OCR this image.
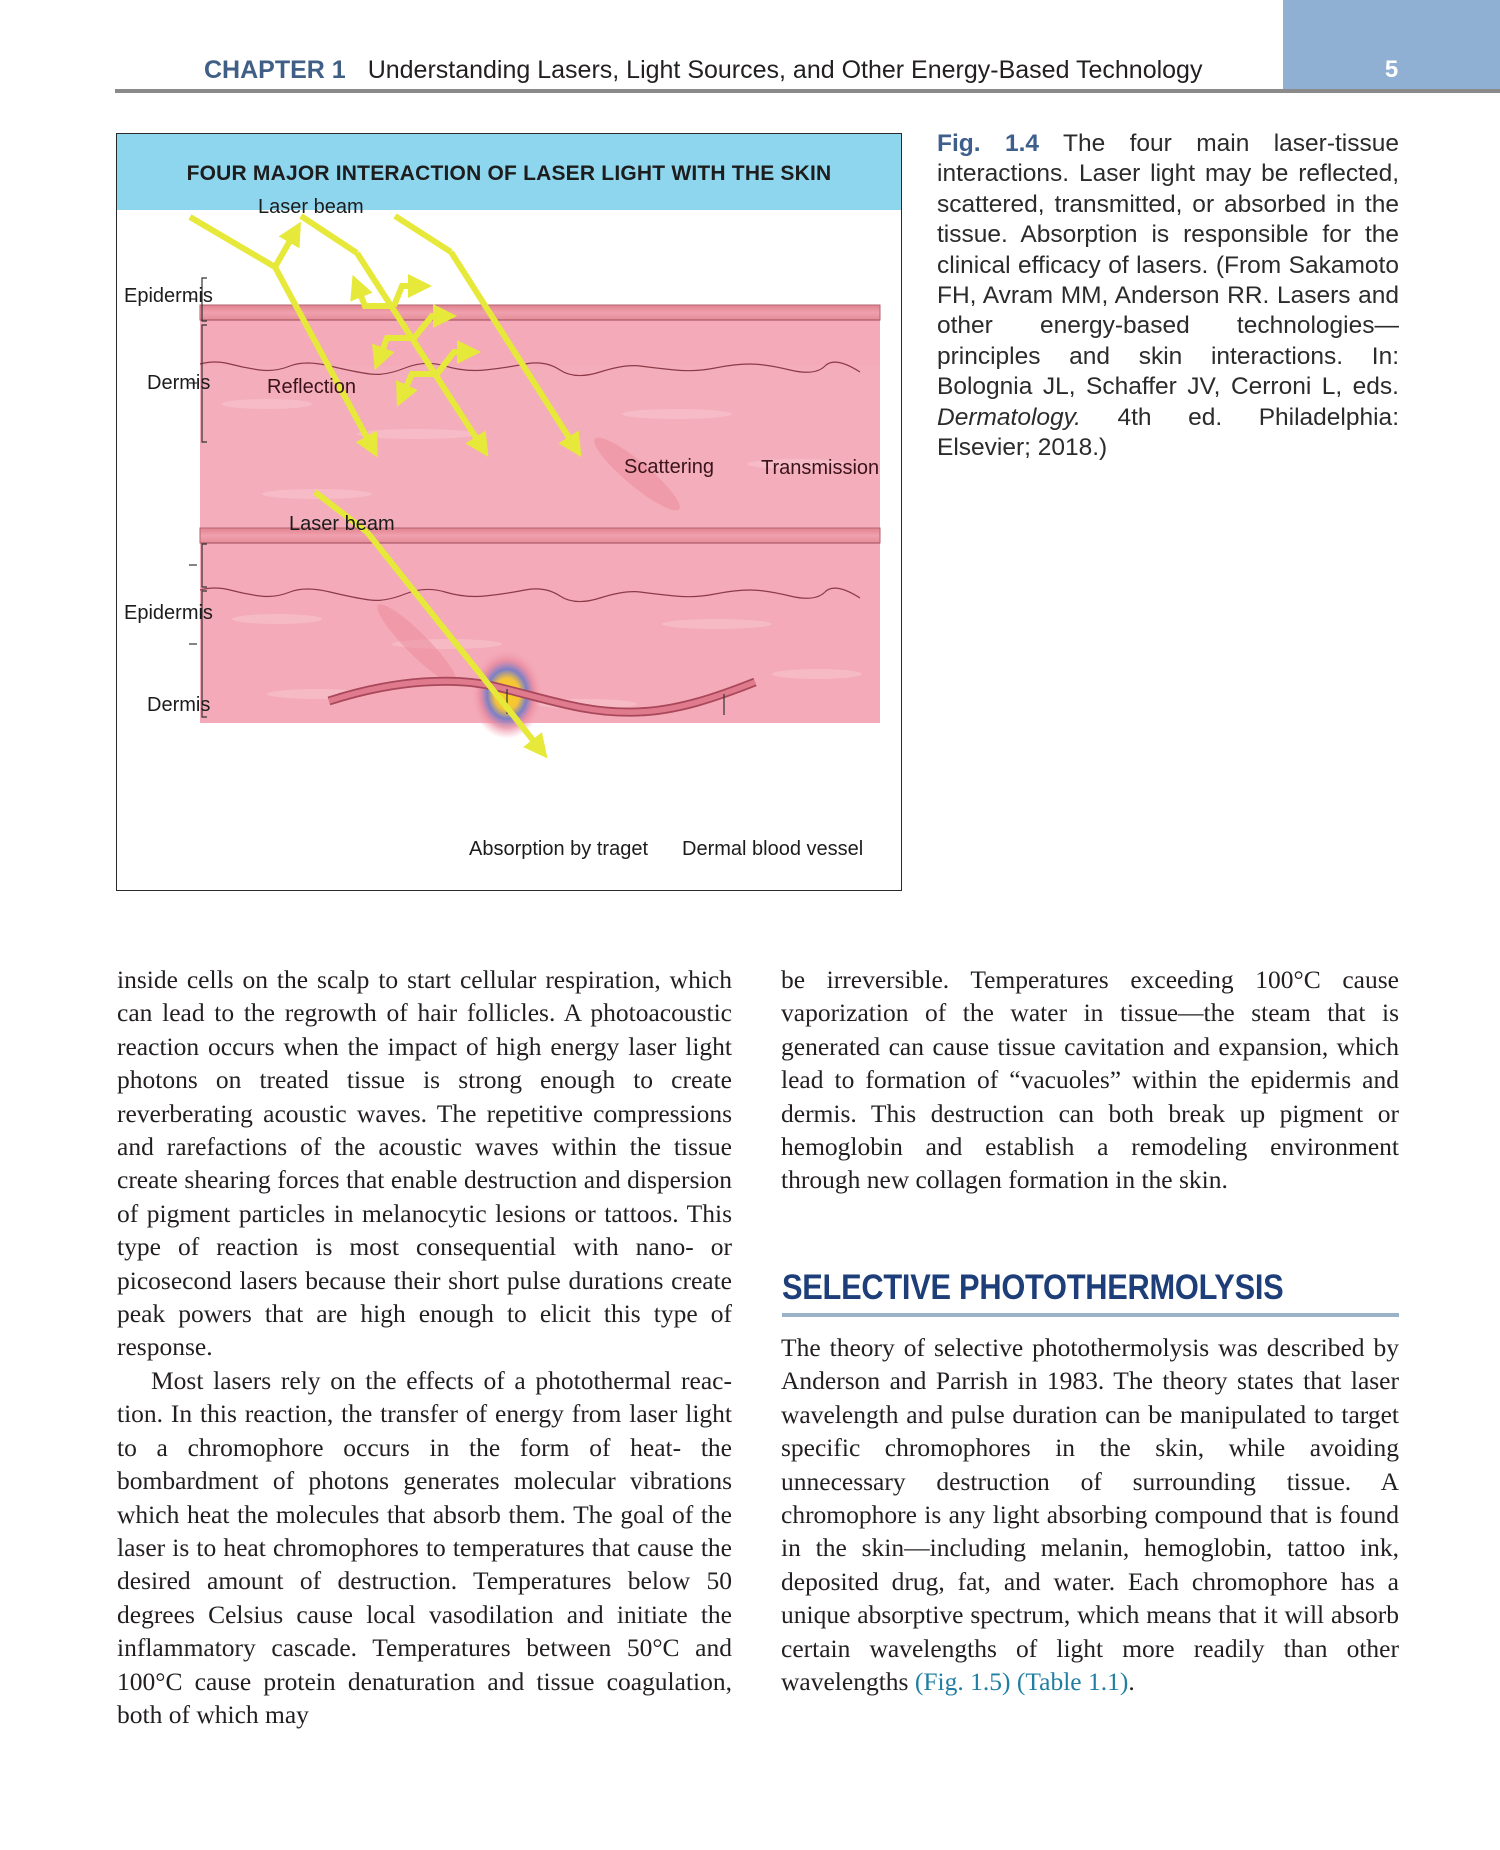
5
CHAPTER 1 Understanding Lasers, Light Sources, and Other Energy-Based Technology
FOUR MAJOR INTERACTION OF LASER LIGHT WITH THE SKIN
Laser beam
Epidermis
Dermis	Reflection
Scattering Transmission
Laser beam
Epidermis
Dermis
Absorption by traget Dermal blood vessel
Fig. 1.4 The four main laser-tissue interactions. Laser light may be reflected, scattered, transmitted, or absorbed in the tissue. Absorption is responsible for the clinical efficacy of lasers. (From Sakamoto FH, Avram MM, Anderson RR. Lasers and other energy-based technologies—principles and skin interactions. In: Bolognia JL, Schaffer JV, Cerroni L, eds. Dermatology. 4th ed. Philadelphia: Elsevier; 2018.)

inside cells on the scalp to start cellular respiration, which can lead to the regrowth of hair follicles. A photoacoustic reaction occurs when the impact of high energy laser light photons on treated tissue is strong enough to create reverberating acoustic waves. The repetitive compressions and rarefactions of the acoustic waves within the tissue create shearing forces that enable destruction and dispersion of pigment particles in melanocytic lesions or tattoos. This type of reaction is most consequential with nano- or picosecond lasers because their short pulse durations create peak powers that are high enough to elicit this type of response.

Most lasers rely on the effects of a photothermal reaction. In this reaction, the transfer of energy from laser light to a chromophore occurs in the form of heat- the bombardment of photons generates molecular vibrations which heat the molecules that absorb them. The goal of the laser is to heat chromophores to temperatures that cause the desired amount of destruction. Temperatures below 50 degrees Celsius cause local vasodilation and initiate the inflammatory cascade. Temperatures between 50°C and 100°C cause protein denaturation and tissue coagulation, both of which may

be irreversible. Temperatures exceeding 100°C cause vaporization of the water in tissue—the steam that is generated can cause tissue cavitation and expansion, which lead to formation of “vacuoles” within the epidermis and dermis. This destruction can both break up pigment or hemoglobin and establish a remodeling environment through new collagen formation in the skin.

SELECTIVE PHOTOTHERMOLYSIS

The theory of selective photothermolysis was described by Anderson and Parrish in 1983. The theory states that laser wavelength and pulse duration can be manipulated to target specific chromophores in the skin, while avoiding unnecessary destruction of surrounding tissue. A chromophore is any light absorbing compound that is found in the skin—including melanin, hemoglobin, tattoo ink, deposited drug, fat, and water. Each chromophore has a unique absorptive spectrum, which means that it will absorb certain wavelengths of light more readily than other wavelengths (Fig. 1.5) (Table 1.1).
